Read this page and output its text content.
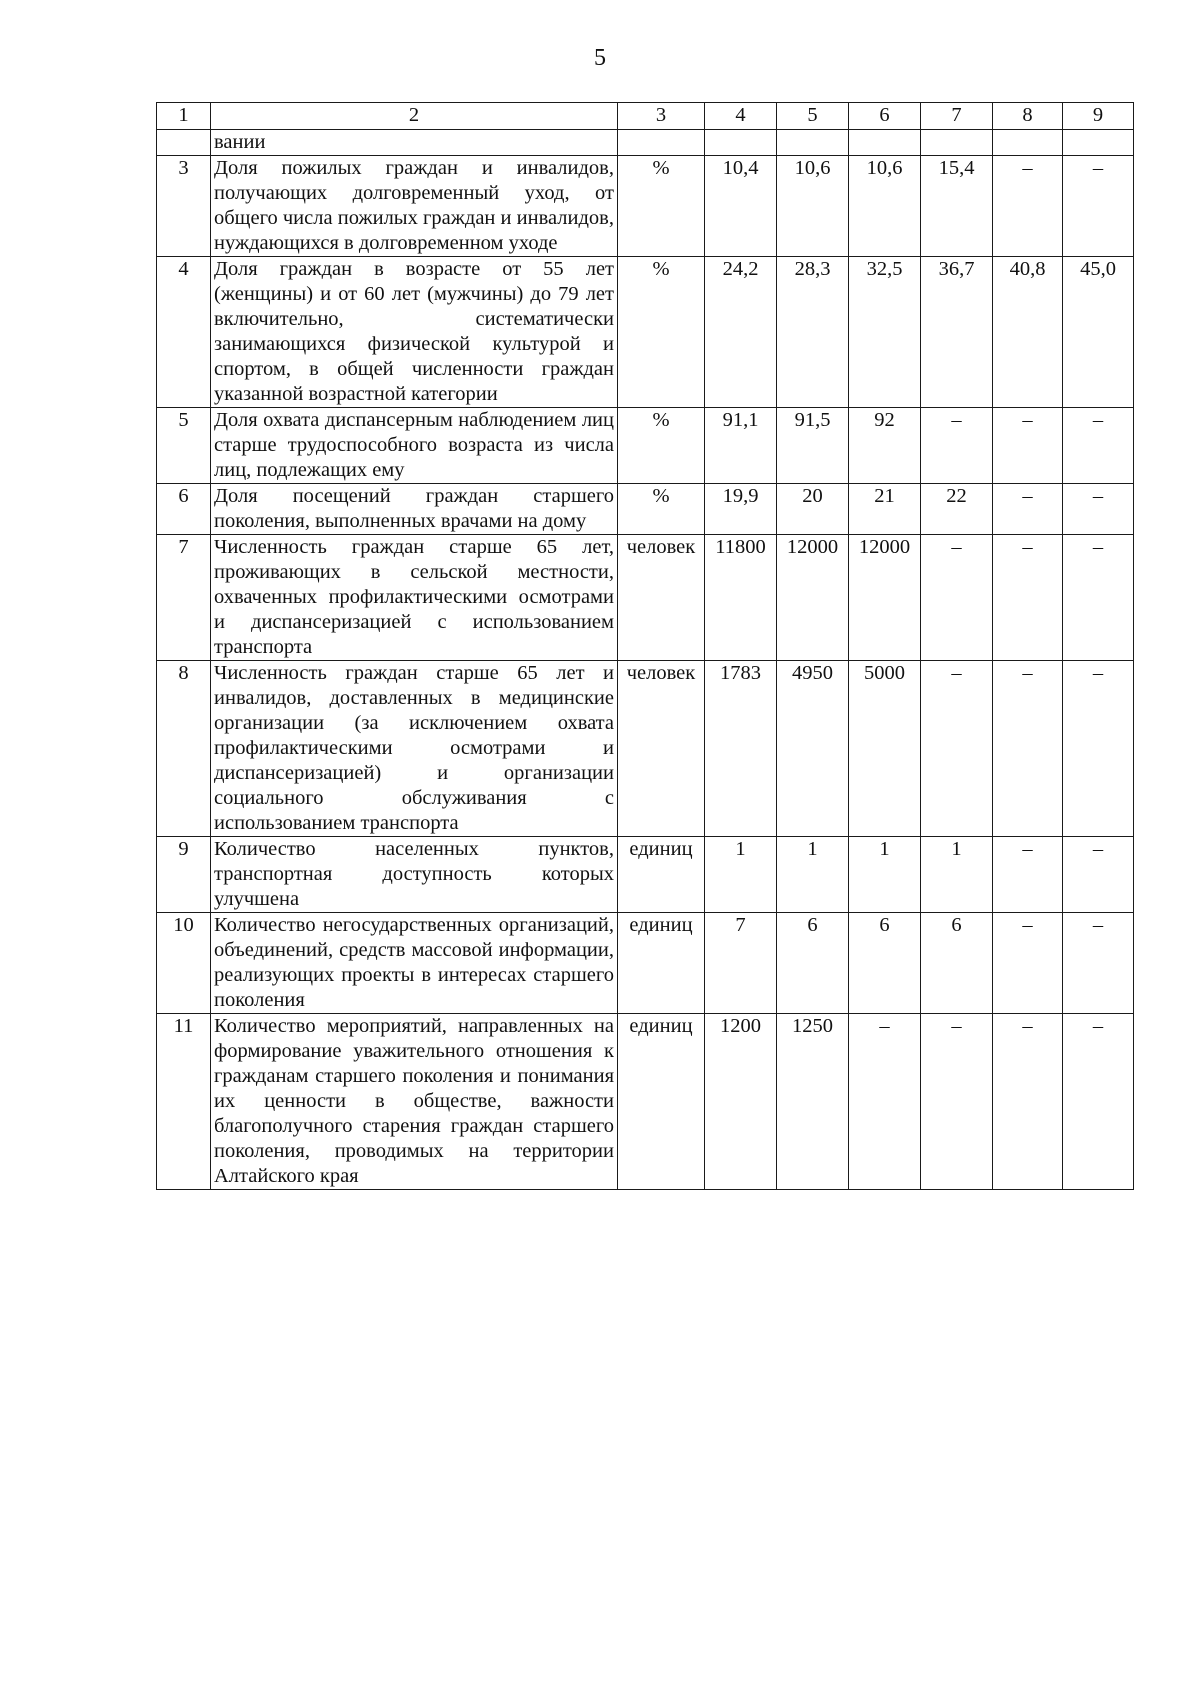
5
1	2	3	4	5	6	7	8	9
	вании							
3	Доля пожилых граждан и инвалидов, получающих долговременный уход, от общего числа пожилых граждан и инвалидов, нуждающихся в долговременном уходе	%	10,4	10,6	10,6	15,4	–	–
4	Доля граждан в возрасте от 55 лет (женщины) и от 60 лет (мужчины) до 79 лет включительно, систематически занимающихся физической культурой и спортом, в общей численности граждан указанной возрастной категории	%	24,2	28,3	32,5	36,7	40,8	45,0
5	Доля охвата диспансерным наблюдением лиц старше трудоспособного возраста из числа лиц, подлежащих ему	%	91,1	91,5	92	–	–	–
6	Доля посещений граждан старшего поколения, выполненных врачами на дому	%	19,9	20	21	22	–	–
7	Численность граждан старше 65 лет, проживающих в сельской местности, охваченных профилактическими осмотрами и диспансеризацией с использованием транспорта	человек	11800	12000	12000	–	–	–
8	Численность граждан старше 65 лет и инвалидов, доставленных в медицинские организации (за исключением охвата профилактическими осмотрами и диспансеризацией) и организации социального обслуживания с использованием транспорта	человек	1783	4950	5000	–	–	–
9	Количество населенных пунктов, транспортная доступность которых улучшена	единиц	1	1	1	1	–	–
10	Количество негосударственных организаций, объединений, средств массовой информации, реализующих проекты в интересах старшего поколения	единиц	7	6	6	6	–	–
11	Количество мероприятий, направленных на формирование уважительного отношения к гражданам старшего поколения и понимания их ценности в обществе, важности благополучного старения граждан старшего поколения, проводимых на территории Алтайского края	единиц	1200	1250	–	–	–	–
